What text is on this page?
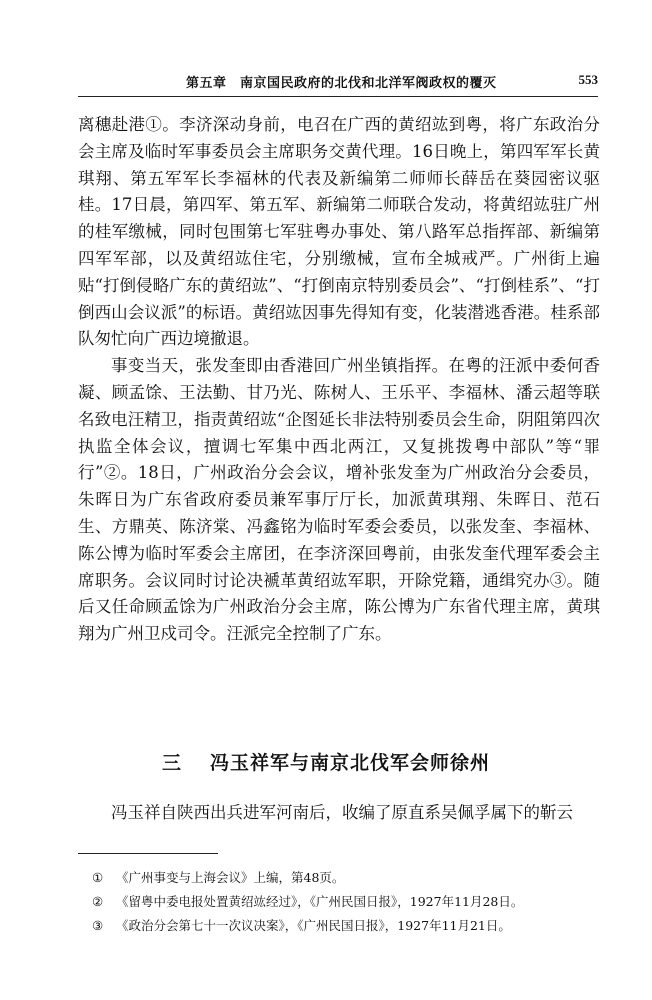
第五章　南京国民政府的北伐和北洋军阀政权的覆灭	553

离穗赴港①。李济深动身前，电召在广西的黄绍竑到粤，将广东政治分会主席及临时军事委员会主席职务交黄代理。16日晚上，第四军军长黄琪翔、第五军军长李福林的代表及新编第二师师长薛岳在葵园密议驱桂。17日晨，第四军、第五军、新编第二师联合发动，将黄绍竑驻广州的桂军缴械，同时包围第七军驻粤办事处、第八路军总指挥部、新编第四军军部，以及黄绍竑住宅，分别缴械，宣布全城戒严。广州街上遍贴“打倒侵略广东的黄绍竑”、“打倒南京特别委员会”、“打倒桂系”、“打倒西山会议派”的标语。黄绍竑因事先得知有变，化装潜逃香港。桂系部队匆忙向广西边境撤退。

事变当天，张发奎即由香港回广州坐镇指挥。在粤的汪派中委何香凝、顾孟馀、王法勤、甘乃光、陈树人、王乐平、李福林、潘云超等联名致电汪精卫，指责黄绍竑“企图延长非法特别委员会生命，阴阻第四次执监全体会议，擅调七军集中西北两江，又复挑拨粤中部队”等“罪行”②。18日，广州政治分会会议，增补张发奎为广州政治分会委员，朱晖日为广东省政府委员兼军事厅厅长，加派黄琪翔、朱晖日、范石生、方鼎英、陈济棠、冯鑫铭为临时军委会委员，以张发奎、李福林、陈公博为临时军委会主席团，在李济深回粤前，由张发奎代理军委会主席职务。会议同时讨论决褫革黄绍竑军职，开除党籍，通缉究办③。随后又任命顾孟馀为广州政治分会主席，陈公博为广东省代理主席，黄琪翔为广州卫戍司令。汪派完全控制了广东。

三 冯玉祥军与南京北伐军会师徐州
冯玉祥自陕西出兵进军河南后，收编了原直系吴佩孚属下的靳云
① 《广州事变与上海会议》上编，第48页。
② 《留粤中委电报处置黄绍竑经过》，《广州民国日报》，1927年11月28日。
③ 《政治分会第七十一次议决案》，《广州民国日报》，1927年11月21日。
